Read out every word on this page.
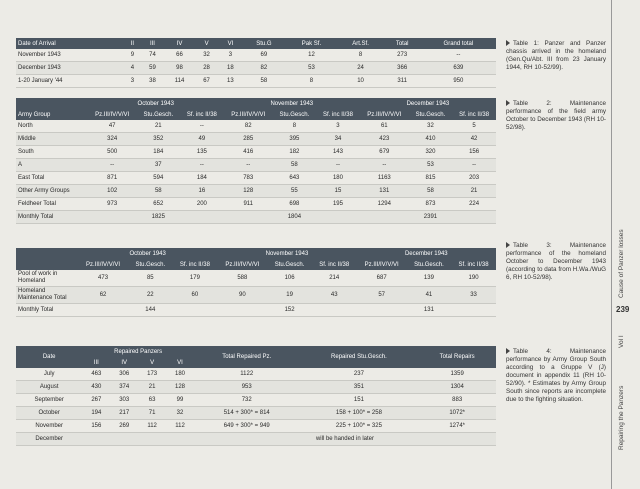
Date of Arrival	II	III	IV	V	VI	Stu.G	Pak Sf.	Art.Sf.	Total	Grand total
November 1943	9	74	66	32	3	69	12	8	273	--
December 1943	4	59	98	28	18	82	53	24	366	639
1-20 January '44	3	38	114	67	13	58	8	10	311	950
Table 1: Panzer and Panzer chassis arrived in the homeland (Gen.Qu/Abt. III from 23 January 1944, RH 10-52/99).
	October 1943			November 1943			December 1943		
Army Group	Pz.III/IV/V/VI	Stu.Gesch.	Sf. inc II/38	Pz.III/IV/V/VI	Stu.Gesch.	Sf. inc II/38	Pz.III/IV/V/VI	Stu.Gesch.	Sf. inc II/38
North	47	21	--	82	8	3	61	32	5
Middle	324	352	49	285	395	34	423	410	42
South	500	184	135	416	182	143	679	320	156
A	--	37	--	--	58	--	--	53	--
East Total	871	594	184	783	643	180	1163	815	203
Other Army Groups	102	58	16	128	55	15	131	58	21
Feldheer Total	973	652	200	911	698	195	1294	873	224
Monthly Total		1825			1804			2391	
Table 2: Maintenance performance of the field army October to December 1943 (RH 10-52/98).
	October 1943			November 1943			December 1943		
	Pz.III/IV/V/VI	Stu.Gesch.	Sf. inc II/38	Pz.III/IV/V/VI	Stu.Gesch.	Sf. inc II/38	Pz.III/IV/V/VI	Stu.Gesch.	Sf. inc II/38
Pool of work in Homeland	473	85	179	588	106	214	687	139	190
Homeland Maintenance Total	62	22	60	90	19	43	57	41	33
Monthly Total		144			152			131	
Table 3: Maintenance performance of the homeland October to December 1943 (according to data from H.Wa./WuG 6, RH 10-52/98).
Date	Repaired Panzers				Total Repaired Pz.	Repaired Stu.Gesch.	Total Repairs
	III	IV	V	VI			
July	463	306	173	180	1122	237	1359
August	430	374	21	128	953	351	1304
September	267	303	63	99	732	151	883
October	194	217	71	32	514 + 300* = 814	158 + 100* = 258	1072*
November	156	269	112	112	649 + 300* = 949	225 + 100* = 325	1274*
December					will be handed in later		
Table 4: Maintenance performance by Army Group South according to a Gruppe V (J) document in appendix 11 (RH 10-52/90). * Estimates by Army Group South since reports are incomplete due to the fighting situation.
Cause of Panzer losses
239
Vol I
Repairing the Panzers
